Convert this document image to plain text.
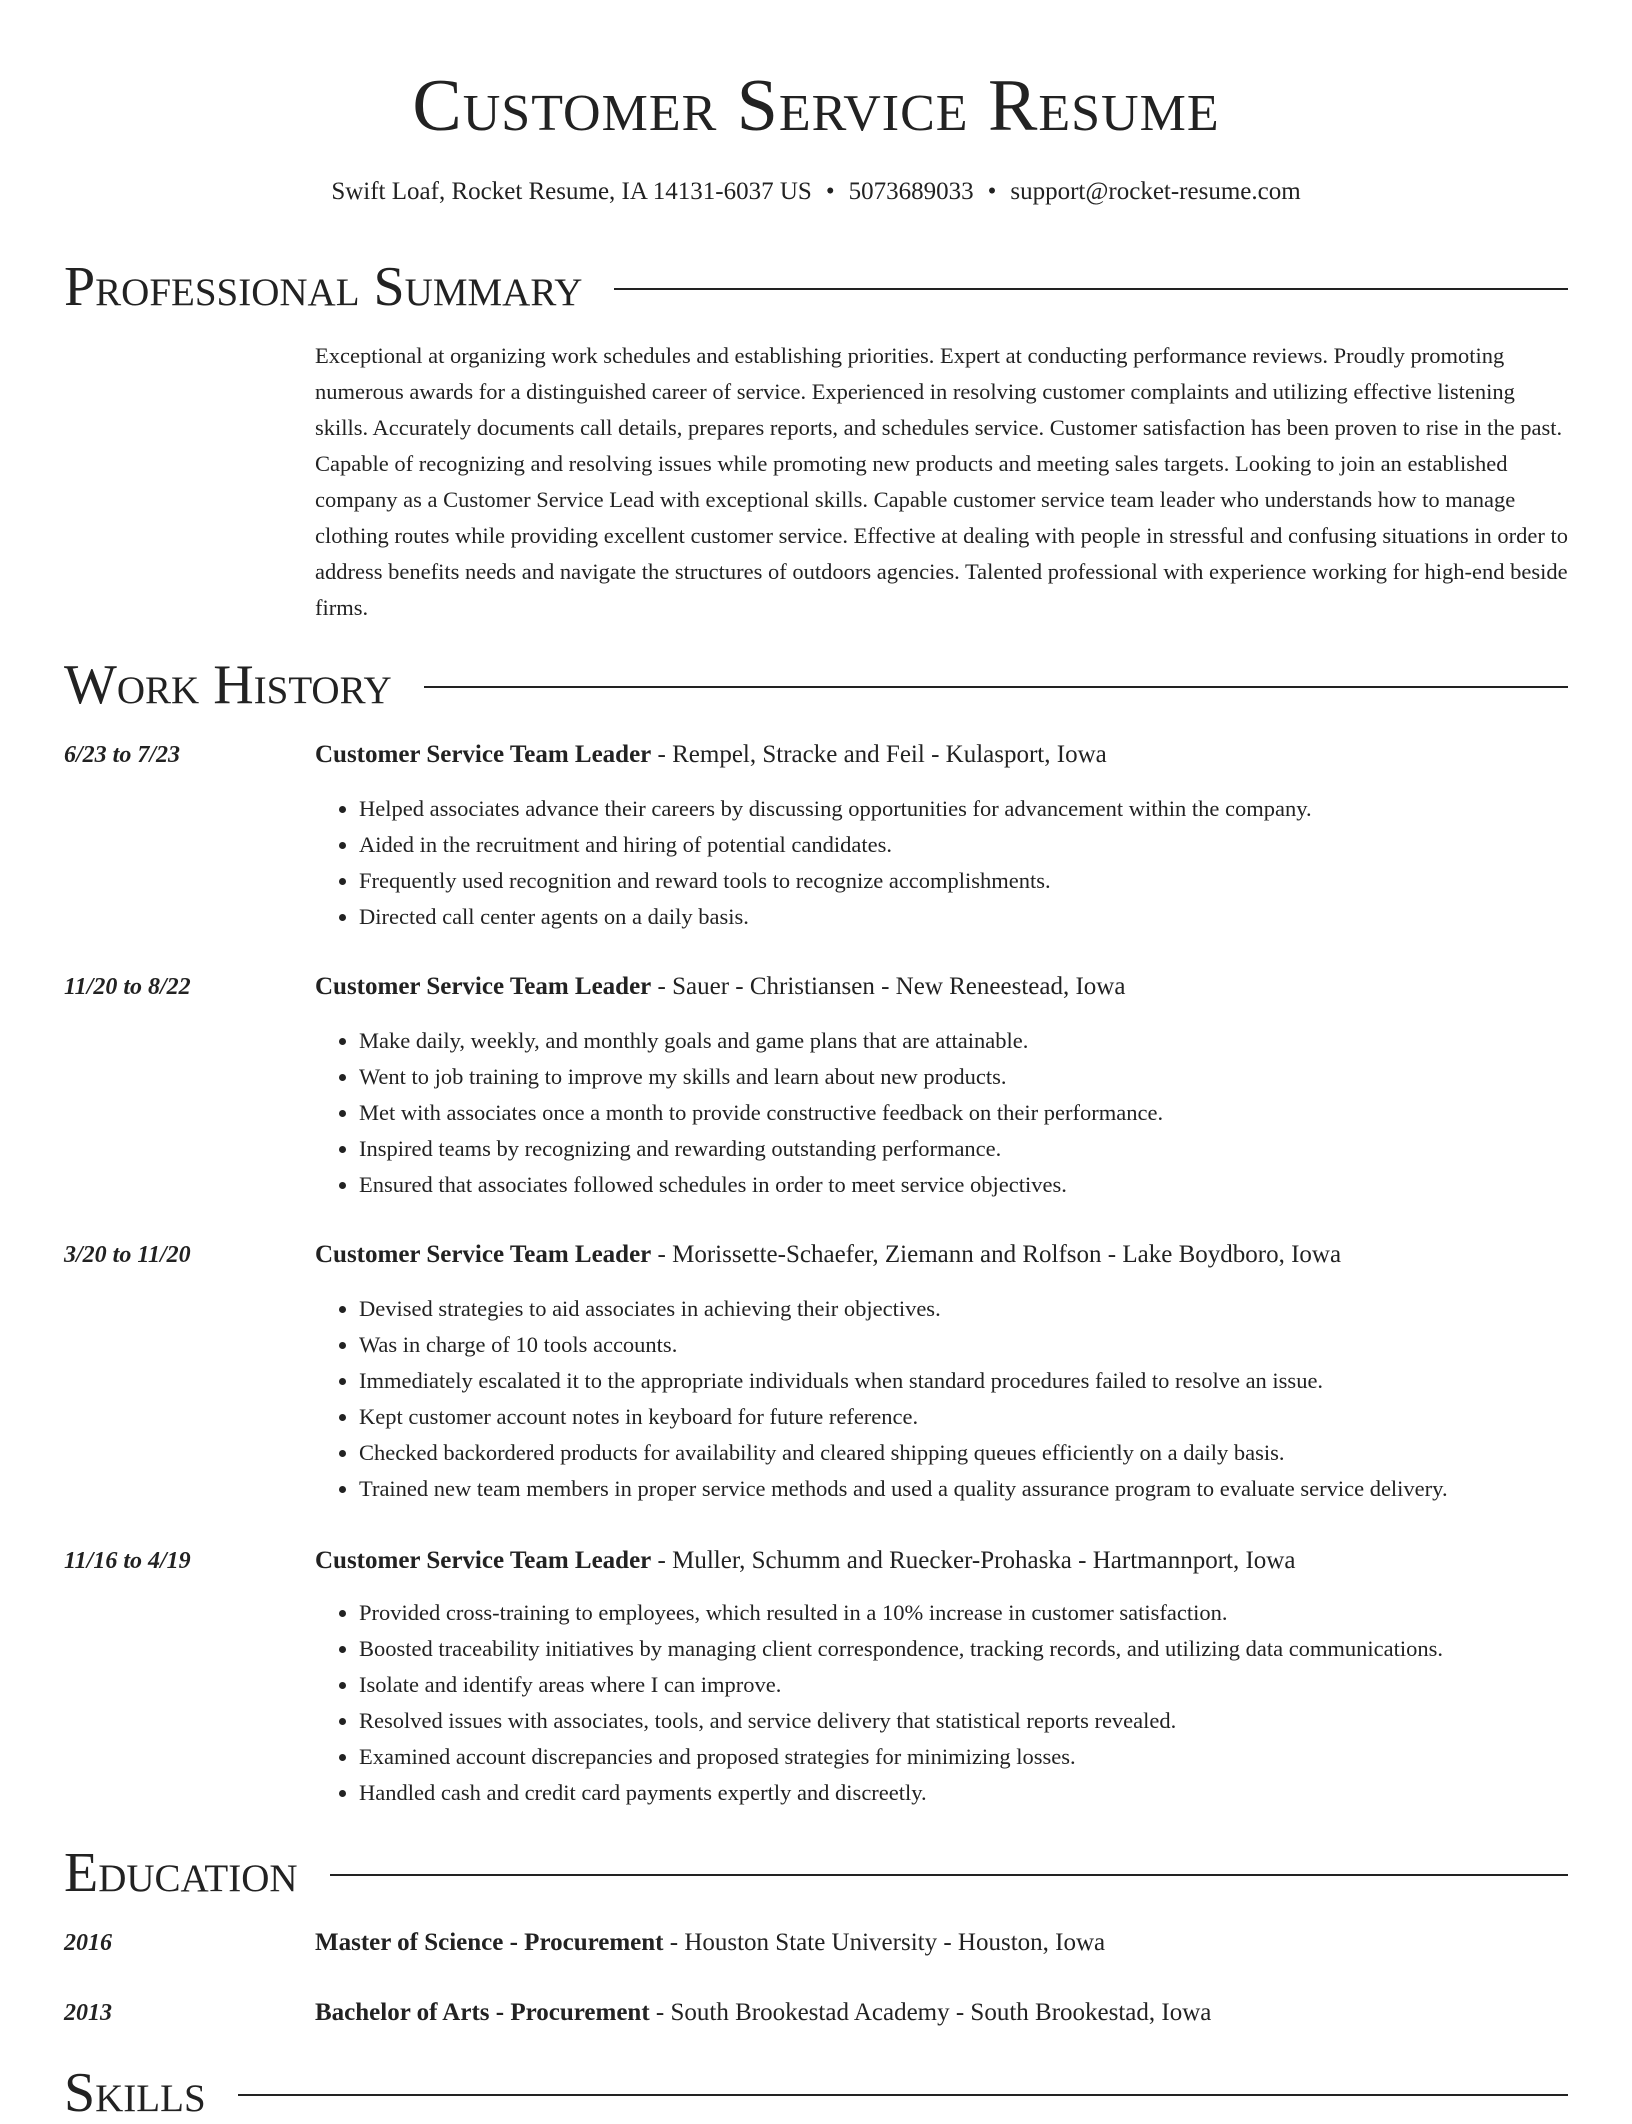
Customer Service Resume
Swift Loaf, Rocket Resume, IA 14131-6037 US • 5073689033 • support@rocket-resume.com
Professional Summary

Exceptional at organizing work schedules and establishing priorities. Expert at conducting performance reviews. Proudly promoting numerous awards for a distinguished career of service. Experienced in resolving customer complaints and utilizing effective listening skills. Accurately documents call details, prepares reports, and schedules service. Customer satisfaction has been proven to rise in the past. Capable of recognizing and resolving issues while promoting new products and meeting sales targets. Looking to join an established company as a Customer Service Lead with exceptional skills. Capable customer service team leader who understands how to manage clothing routes while providing excellent customer service. Effective at dealing with people in stressful and confusing situations in order to address benefits needs and navigate the structures of outdoors agencies. Talented professional with experience working for high-end beside firms.

Work History
6/23 to 7/23	Customer Service Team Leader - Rempel, Stracke and Feil - Kulasport, Iowa
• Helped associates advance their careers by discussing opportunities for advancement within the company.
• Aided in the recruitment and hiring of potential candidates.
• Frequently used recognition and reward tools to recognize accomplishments.
• Directed call center agents on a daily basis.
11/20 to 8/22	Customer Service Team Leader - Sauer - Christiansen - New Reneestead, Iowa
• Make daily, weekly, and monthly goals and game plans that are attainable.
• Went to job training to improve my skills and learn about new products.
• Met with associates once a month to provide constructive feedback on their performance.
• Inspired teams by recognizing and rewarding outstanding performance.
• Ensured that associates followed schedules in order to meet service objectives.
3/20 to 11/20	Customer Service Team Leader - Morissette-Schaefer, Ziemann and Rolfson - Lake Boydboro, Iowa
• Devised strategies to aid associates in achieving their objectives.
• Was in charge of 10 tools accounts.
• Immediately escalated it to the appropriate individuals when standard procedures failed to resolve an issue.
• Kept customer account notes in keyboard for future reference.
• Checked backordered products for availability and cleared shipping queues efficiently on a daily basis.
• Trained new team members in proper service methods and used a quality assurance program to evaluate service delivery.
11/16 to 4/19	Customer Service Team Leader - Muller, Schumm and Ruecker-Prohaska - Hartmannport, Iowa
• Provided cross-training to employees, which resulted in a 10% increase in customer satisfaction.
• Boosted traceability initiatives by managing client correspondence, tracking records, and utilizing data communications.
• Isolate and identify areas where I can improve.
• Resolved issues with associates, tools, and service delivery that statistical reports revealed.
• Examined account discrepancies and proposed strategies for minimizing losses.
• Handled cash and credit card payments expertly and discreetly.
Education
2016	Master of Science - Procurement - Houston State University - Houston, Iowa
2013	Bachelor of Arts - Procurement - South Brookestad Academy - South Brookestad, Iowa
Skills
